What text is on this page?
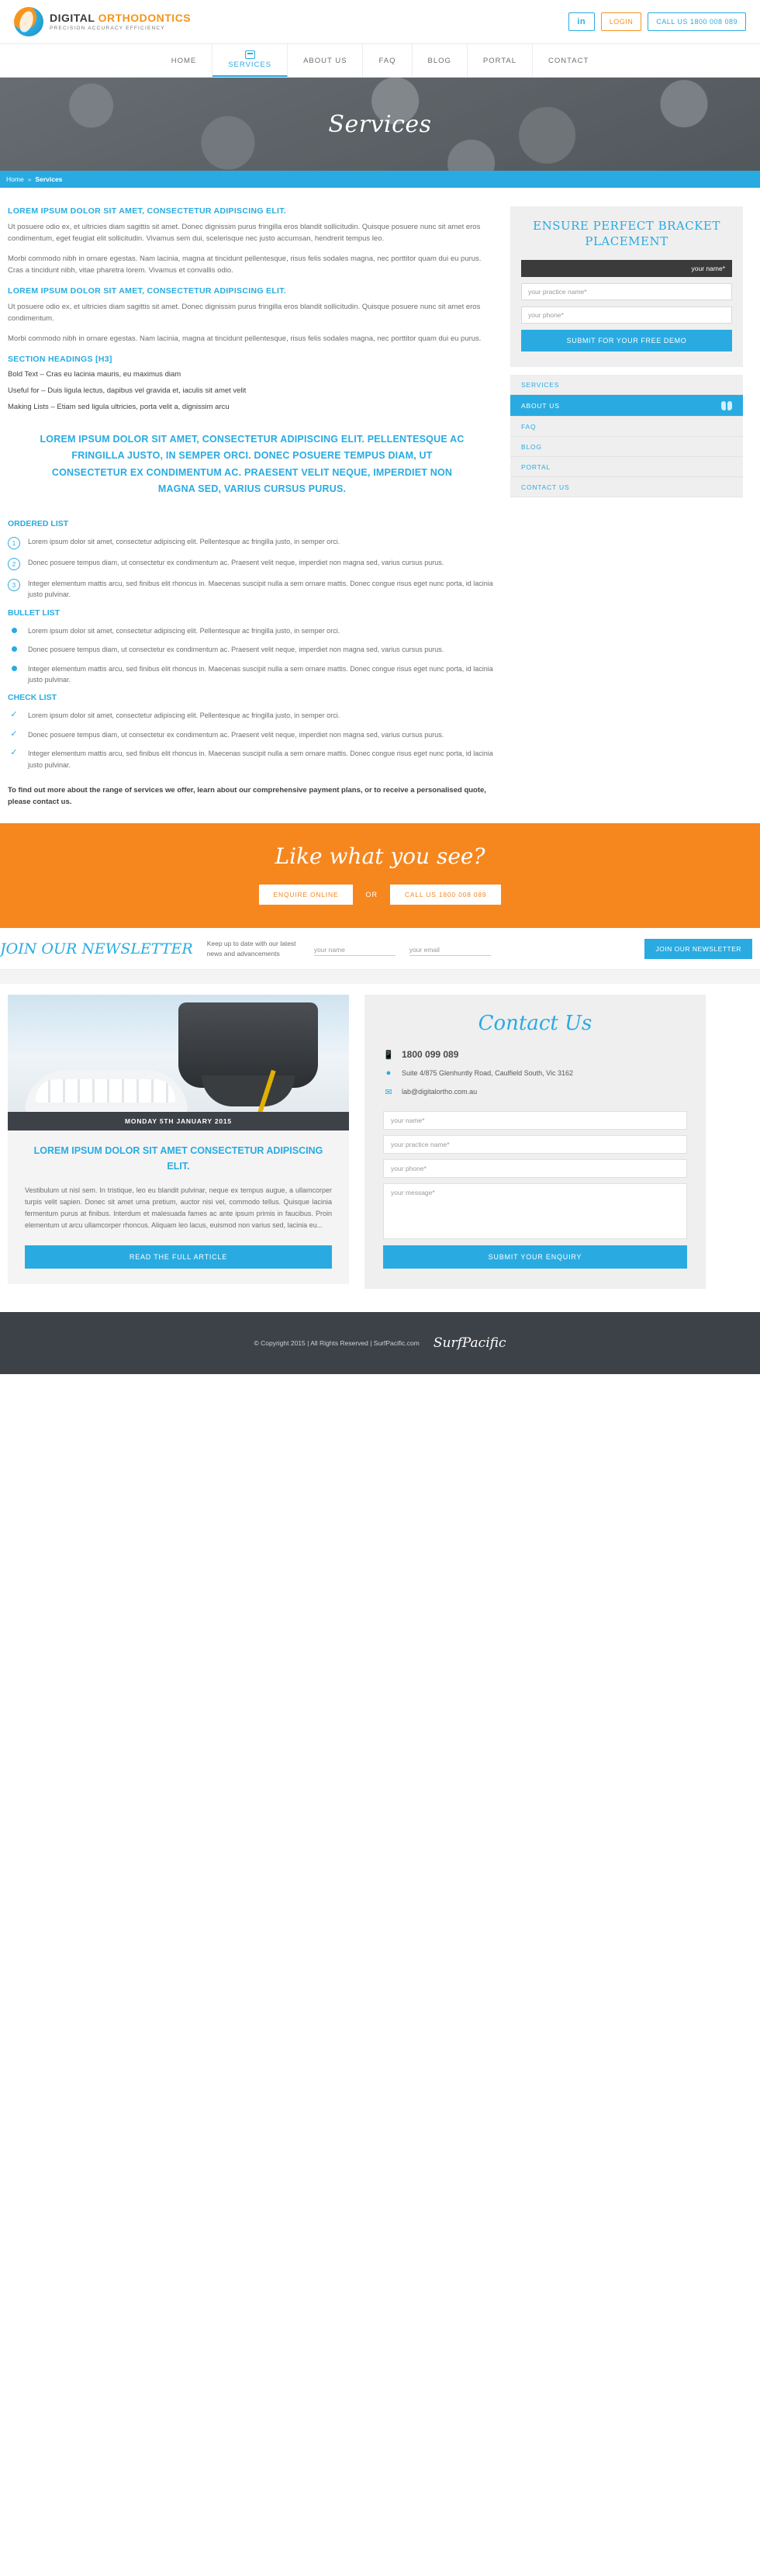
DIGITAL ORTHODONTICS
PRECISION ACCURACY EFFICIENCY
in	LOGIN	CALL US 1800 008 089
HOME	SERVICES	ABOUT US	FAQ	BLOG	PORTAL	CONTACT
Services
Home » Services
LOREM IPSUM DOLOR SIT AMET, CONSECTETUR ADIPISCING ELIT.

Ut posuere odio ex, et ultricies diam sagittis sit amet. Donec dignissim purus fringilla eros blandit sollicitudin. Quisque posuere nunc sit amet eros condimentum, eget feugiat elit sollicitudin. Vivamus sem dui, scelerisque nec justo accumsan, hendrerit tempus leo.

Morbi commodo nibh in ornare egestas. Nam lacinia, magna at tincidunt pellentesque, risus felis sodales magna, nec porttitor quam dui eu purus. Cras a tincidunt nibh, vitae pharetra lorem. Vivamus et convallis odio.

LOREM IPSUM DOLOR SIT AMET, CONSECTETUR ADIPISCING ELIT.

Ut posuere odio ex, et ultricies diam sagittis sit amet. Donec dignissim purus fringilla eros blandit sollicitudin. Quisque posuere nunc sit amet eros condimentum.

Morbi commodo nibh in ornare egestas. Nam lacinia, magna at tincidunt pellentesque, risus felis sodales magna, nec porttitor quam dui eu purus.

SECTION HEADINGS [H3]
Bold Text – Cras eu lacinia mauris, eu maximus diam
Useful for – Duis ligula lectus, dapibus vel gravida et, iaculis sit amet velit
Making Lists – Etiam sed ligula ultricies, porta velit a, dignissim arcu
LOREM IPSUM DOLOR SIT AMET, CONSECTETUR ADIPISCING ELIT. PELLENTESQUE AC FRINGILLA JUSTO, IN SEMPER ORCI. DONEC POSUERE TEMPUS DIAM, UT CONSECTETUR EX CONDIMENTUM AC. PRAESENT VELIT NEQUE, IMPERDIET NON MAGNA SED, VARIUS CURSUS PURUS.
ORDERED LIST
1	Lorem ipsum dolor sit amet, consectetur adipiscing elit. Pellentesque ac fringilla justo, in semper orci.
2	Donec posuere tempus diam, ut consectetur ex condimentum ac. Praesent velit neque, imperdiet non magna sed, varius cursus purus.
3	Integer elementum mattis arcu, sed finibus elit rhoncus in. Maecenas suscipit nulla a sem ornare mattis. Donec congue risus eget nunc porta, id lacinia justo pulvinar.
BULLET LIST
Lorem ipsum dolor sit amet, consectetur adipiscing elit. Pellentesque ac fringilla justo, in semper orci.
Donec posuere tempus diam, ut consectetur ex condimentum ac. Praesent velit neque, imperdiet non magna sed, varius cursus purus.
Integer elementum mattis arcu, sed finibus elit rhoncus in. Maecenas suscipit nulla a sem ornare mattis. Donec congue risus eget nunc porta, id lacinia justo pulvinar.
CHECK LIST
✓	Lorem ipsum dolor sit amet, consectetur adipiscing elit. Pellentesque ac fringilla justo, in semper orci.
✓	Donec posuere tempus diam, ut consectetur ex condimentum ac. Praesent velit neque, imperdiet non magna sed, varius cursus purus.
✓	Integer elementum mattis arcu, sed finibus elit rhoncus in. Maecenas suscipit nulla a sem ornare mattis. Donec congue risus eget nunc porta, id lacinia justo pulvinar.
To find out more about the range of services we offer, learn about our comprehensive payment plans, or to receive a personalised quote, please contact us.
ENSURE PERFECT BRACKET PLACEMENT
your name*
your practice name*
your phone*
SUBMIT FOR YOUR FREE DEMO
SERVICES
ABOUT US
FAQ
BLOG
PORTAL
CONTACT US
Like what you see?
ENQUIRE ONLINE	OR	CALL US 1800 008 089
JOIN OUR NEWSLETTER Keep up to date with our latest news and advancements	your name	your email	JOIN OUR NEWSLETTER
MONDAY 5TH JANUARY 2015
LOREM IPSUM DOLOR SIT AMET CONSECTETUR ADIPISCING ELIT.
Vestibulum ut nisl sem. In tristique, leo eu blandit pulvinar, neque ex tempus augue, a ullamcorper turpis velit sapien. Donec sit amet urna pretium, auctor nisi vel, commodo tellus. Quisque lacinia fermentum purus at finibus. Interdum et malesuada fames ac ante ipsum primis in faucibus. Proin elementum ut arcu ullamcorper rhoncus. Aliquam leo lacus, euismod non varius sed, lacinia eu...
READ THE FULL ARTICLE
Contact Us
📱 1800 099 089
●	Suite 4/875 Glenhuntly Road, Caulfield South, Vic 3162
✉ lab@digitalortho.com.au
your name*
your practice name*
your phone*
your message*
SUBMIT YOUR ENQUIRY
© Copyright 2015 | All Rights Reserved | SurfPacific.com SurfPacific
